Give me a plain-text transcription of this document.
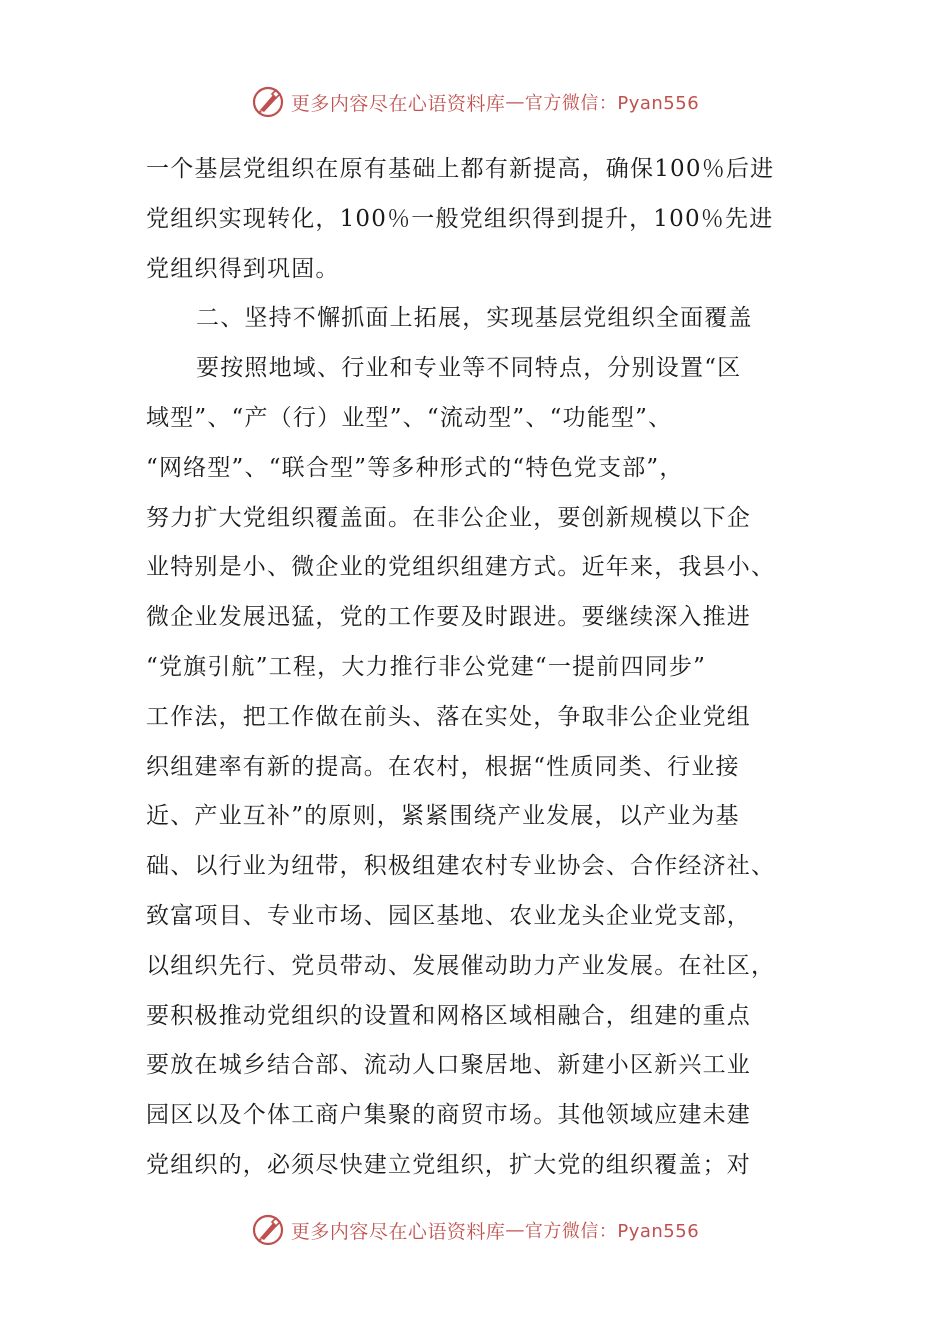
更多内容尽在心语资料库 — 官方微信：Pyan556
一个基层党组织在原有基础上都有新提高，确保100％后进
党组织实现转化，100％一般党组织得到提升，100％先进
党组织得到巩固。
二、坚持不懈抓面上拓展，实现基层党组织全面覆盖
要按照地域、行业和专业等不同特点，分别设置“区
域型”、“产（行）业型”、“流动型”、“功能型”、
“网络型”、“联合型”等多种形式的“特色党支部”，
努力扩大党组织覆盖面。在非公企业，要创新规模以下企
业特别是小、微企业的党组织组建方式。近年来，我县小、
微企业发展迅猛，党的工作要及时跟进。要继续深入推进
“党旗引航”工程，大力推行非公党建“一提前四同步”
工作法，把工作做在前头、落在实处，争取非公企业党组
织组建率有新的提高。在农村，根据“性质同类、行业接
近、产业互补”的原则，紧紧围绕产业发展，以产业为基
础、以行业为纽带，积极组建农村专业协会、合作经济社、
致富项目、专业市场、园区基地、农业龙头企业党支部，
以组织先行、党员带动、发展催动助力产业发展。在社区，
要积极推动党组织的设置和网格区域相融合，组建的重点
要放在城乡结合部、流动人口聚居地、新建小区新兴工业
园区以及个体工商户集聚的商贸市场。其他领域应建未建
党组织的，必须尽快建立党组织，扩大党的组织覆盖；对
更多内容尽在心语资料库 — 官方微信：Pyan556
